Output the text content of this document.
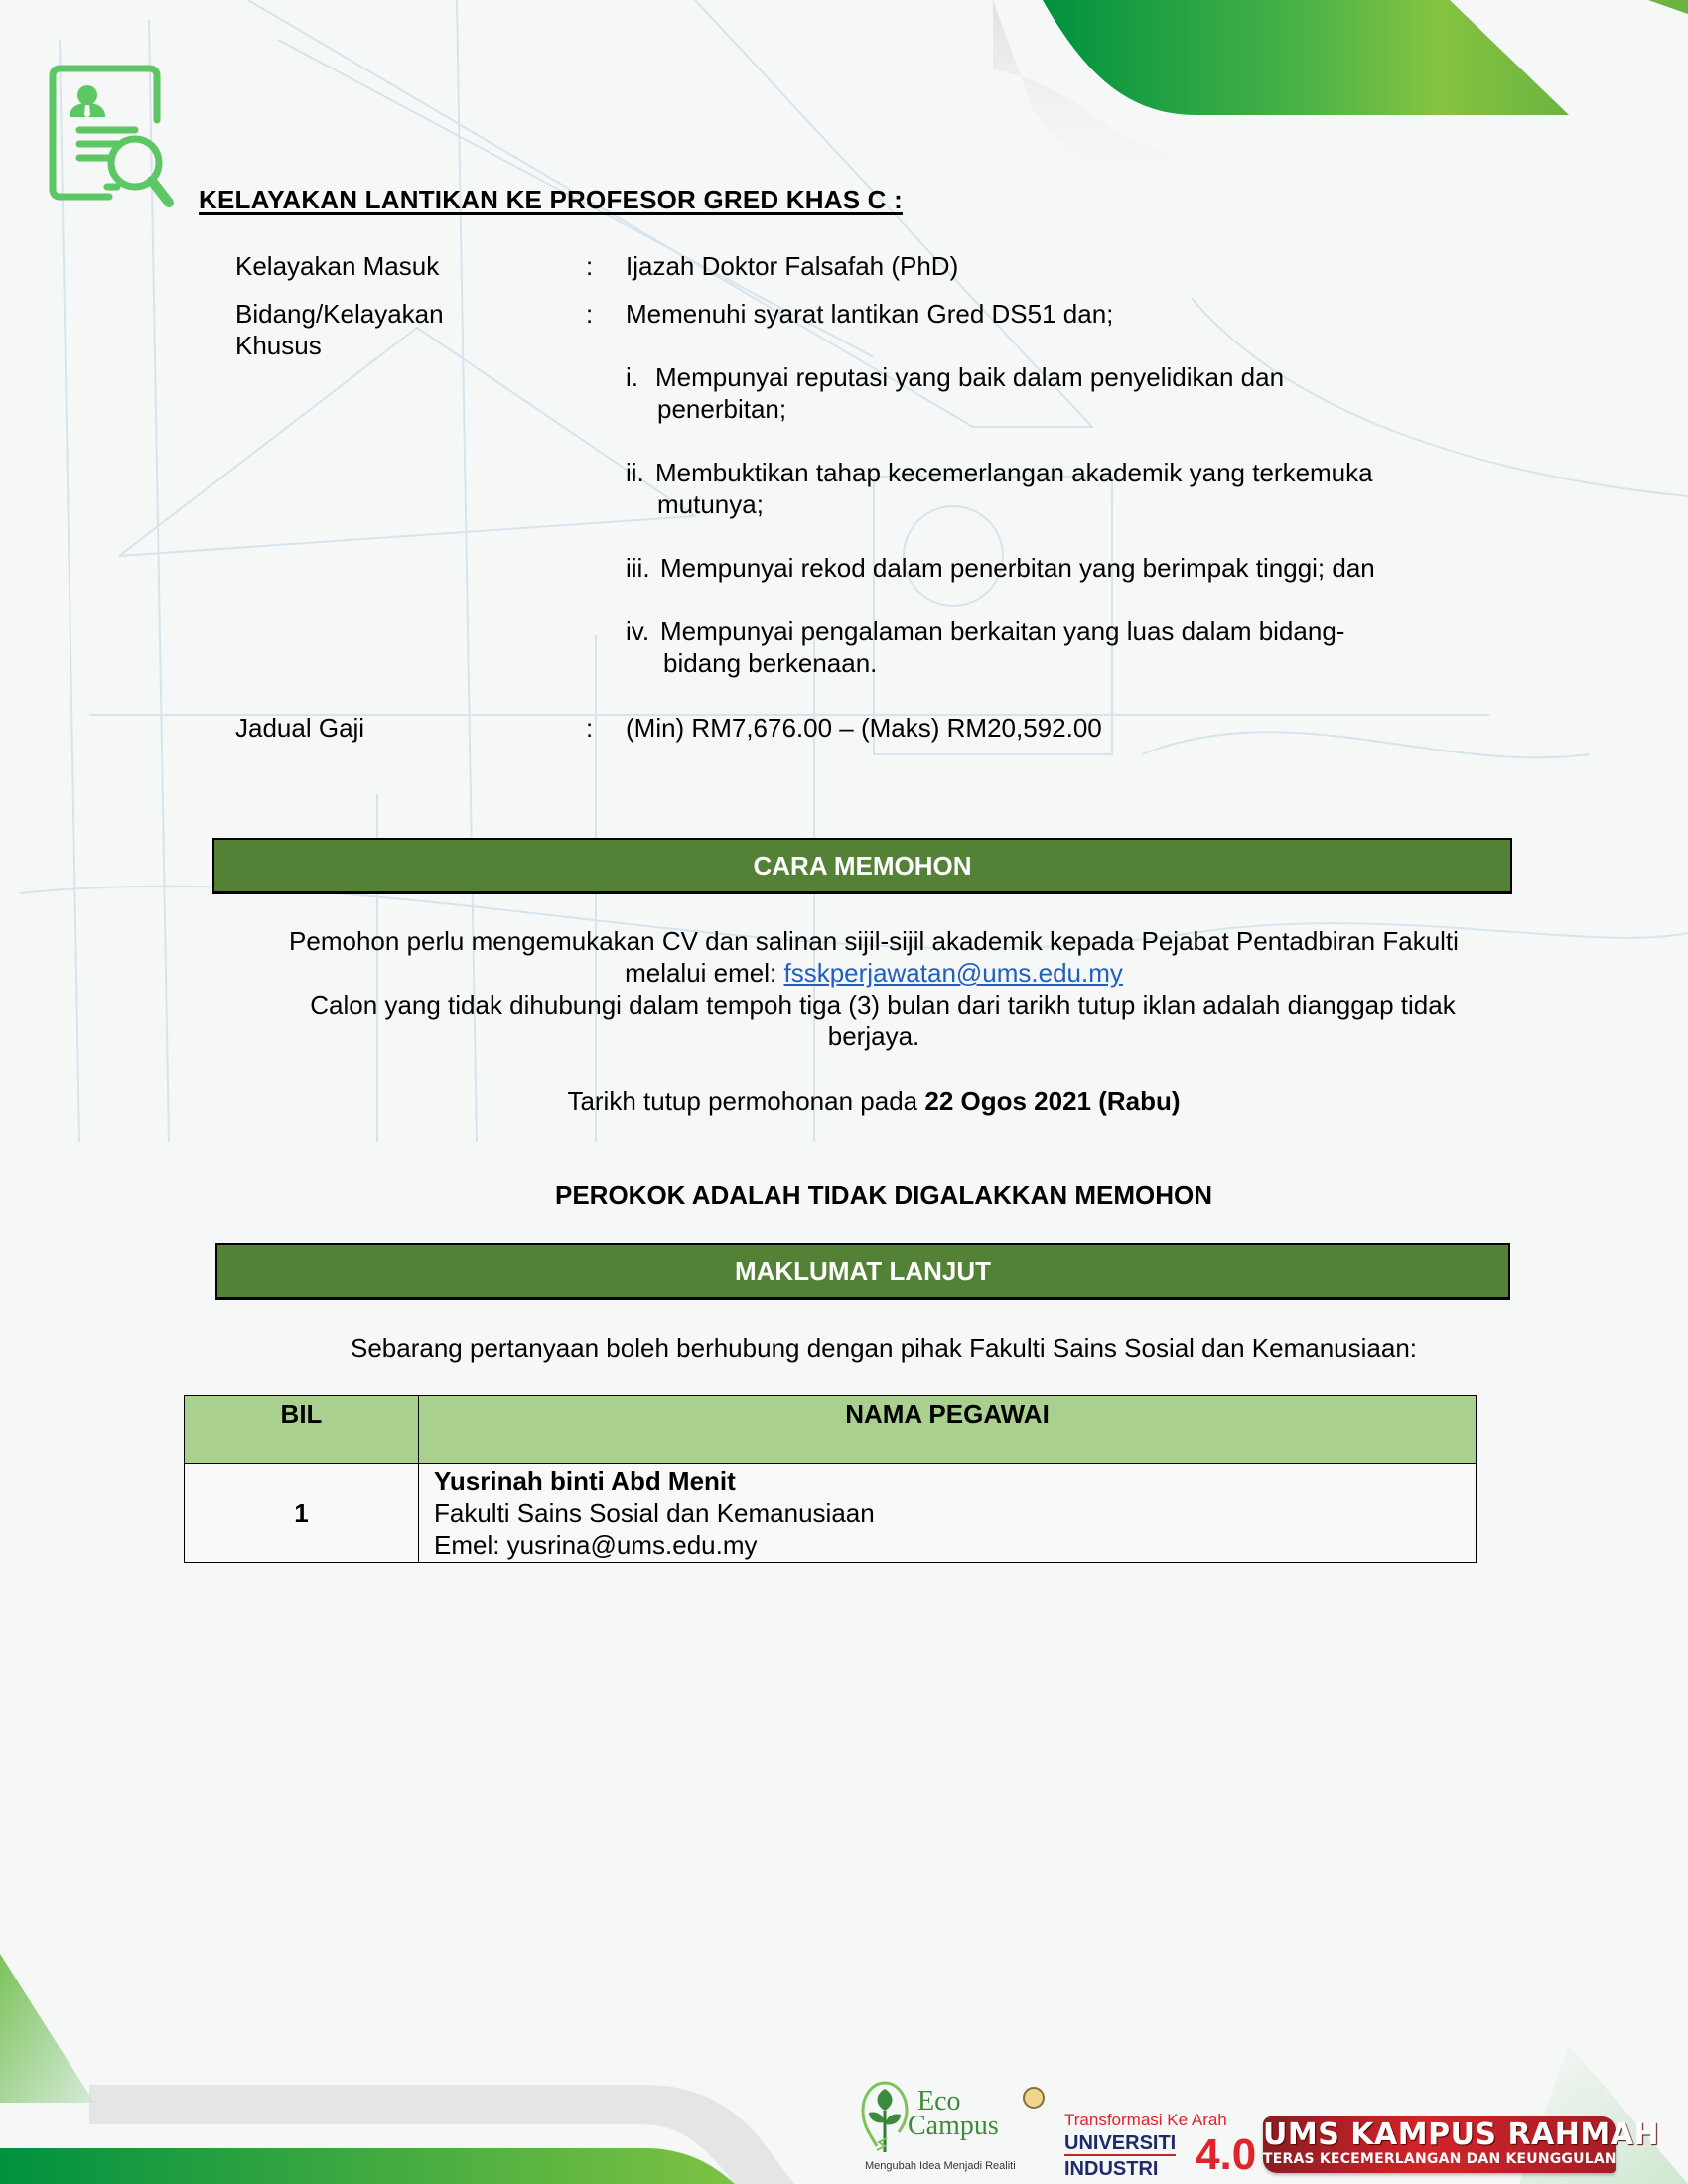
KELAYAKAN LANTIKAN KE PROFESOR GRED KHAS C :
Kelayakan Masuk	: Ijazah Doktor Falsafah (PhD)
Bidang/Kelayakan
Khusus
: Memenuhi syarat lantikan Gred DS51 dan;
i. Mempunyai reputasi yang baik dalam penyelidikan dan
penerbitan;
ii. Membuktikan tahap kecemerlangan akademik yang terkemuka
mutunya;
iii. Mempunyai rekod dalam penerbitan yang berimpak tinggi; dan
iv. Mempunyai pengalaman berkaitan yang luas dalam bidang-
bidang berkenaan.
Jadual Gaji	: (Min) RM7,676.00 – (Maks) RM20,592.00
CARA MEMOHON
Pemohon perlu mengemukakan CV dan salinan sijil-sijil akademik kepada Pejabat Pentadbiran Fakulti
melalui emel: fsskperjawatan@ums.edu.my
Calon yang tidak dihubungi dalam tempoh tiga (3) bulan dari tarikh tutup iklan adalah dianggap tidak
berjaya.
Tarikh tutup permohonan pada 22 Ogos 2021 (Rabu)
PEROKOK ADALAH TIDAK DIGALAKKAN MEMOHON
MAKLUMAT LANJUT
Sebarang pertanyaan boleh berhubung dengan pihak Fakulti Sains Sosial dan Kemanusiaan:
BIL	NAMA PEGAWAI
1	Yusrinah binti Abd Menit
Fakulti Sains Sosial dan Kemanusiaan
Emel: yusrina@ums.edu.my
Eco
Campus
Mengubah Idea Menjadi Realiti
Transformasi Ke Arah
UNIVERSITI
INDUSTRI 4.0 UMS KAMPUS RAHMAH
TERAS KECEMERLANGAN DAN KEUNGGULAN
